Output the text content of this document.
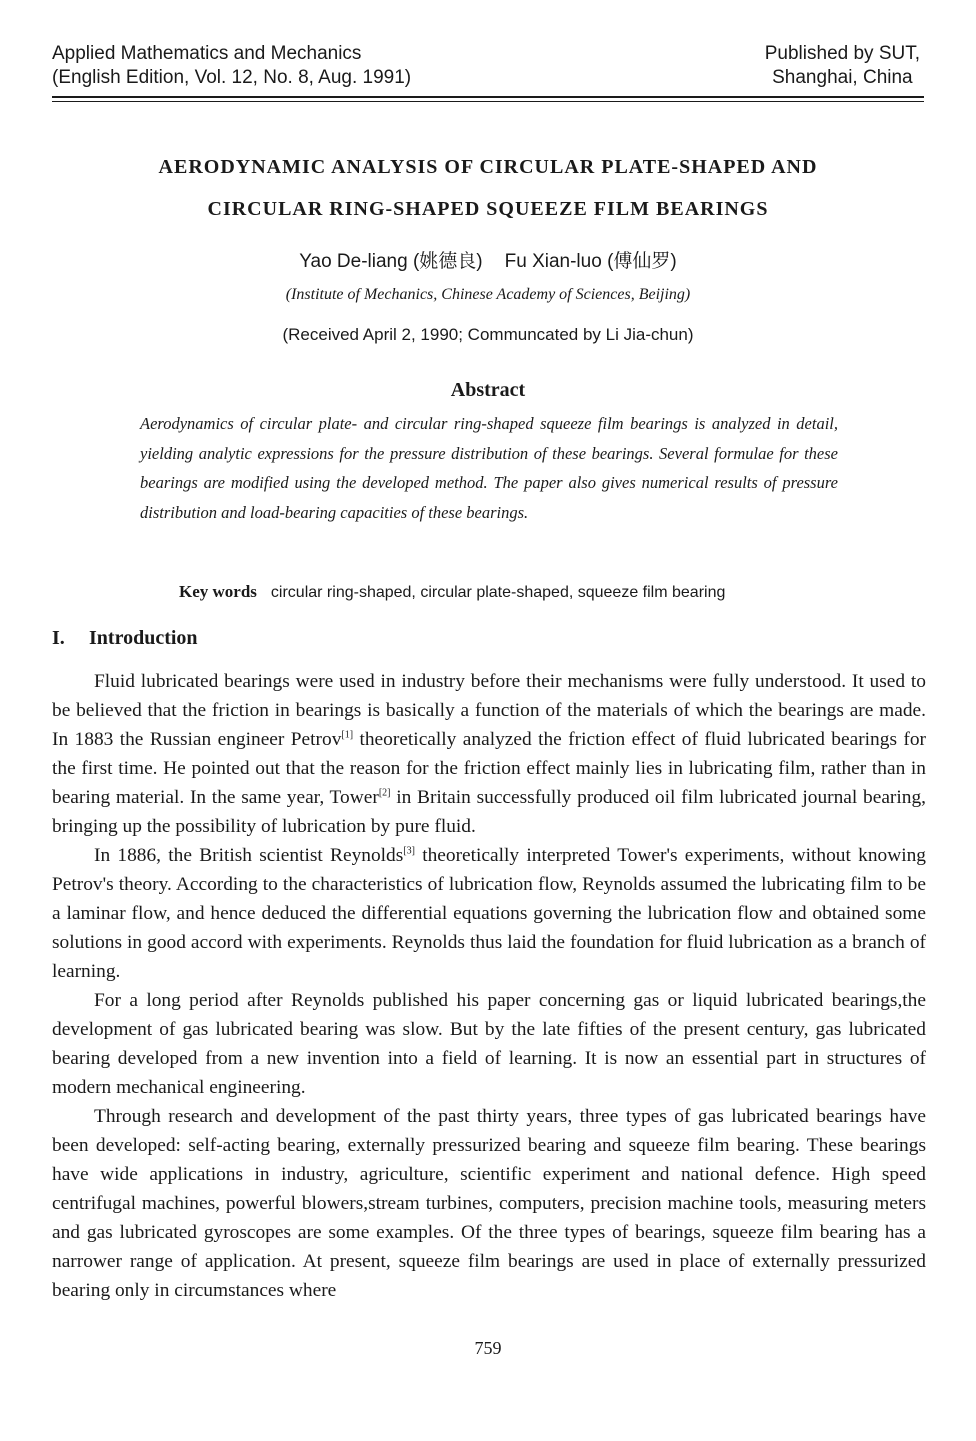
Applied Mathematics and Mechanics
(English Edition, Vol. 12, No. 8, Aug. 1991)
Published by SUT,
Shanghai, China
AERODYNAMIC ANALYSIS OF CIRCULAR PLATE-SHAPED AND
CIRCULAR RING-SHAPED SQUEEZE FILM BEARINGS
Yao De-liang (姚德良) Fu Xian-luo (傅仙罗)
(Institute of Mechanics, Chinese Academy of Sciences, Beijing)
(Received April 2, 1990; Communcated by Li Jia-chun)
Abstract
Aerodynamics of circular plate- and circular ring-shaped squeeze film bearings is analyzed in detail, yielding analytic expressions for the pressure distribution of these bearings. Several formulae for these bearings are modified using the developed method. The paper also gives numerical results of pressure distribution and load-bearing capacities of these bearings.
Key words circular ring-shaped, circular plate-shaped, squeeze film bearing
I. Introduction

Fluid lubricated bearings were used in industry before their mechanisms were fully understood. It used to be believed that the friction in bearings is basically a function of the materials of which the bearings are made. In 1883 the Russian engineer Petrov[1] theoretically analyzed the friction effect of fluid lubricated bearings for the first time. He pointed out that the reason for the friction effect mainly lies in lubricating film, rather than in bearing material. In the same year, Tower[2] in Britain successfully produced oil film lubricated journal bearing, bringing up the possibility of lubrication by pure fluid.

In 1886, the British scientist Reynolds[3] theoretically interpreted Tower's experiments, without knowing Petrov's theory. According to the characteristics of lubrication flow, Reynolds assumed the lubricating film to be a laminar flow, and hence deduced the differential equations governing the lubrication flow and obtained some solutions in good accord with experiments. Reynolds thus laid the foundation for fluid lubrication as a branch of learning.

For a long period after Reynolds published his paper concerning gas or liquid lubricated bearings,the development of gas lubricated bearing was slow. But by the late fifties of the present century, gas lubricated bearing developed from a new invention into a field of learning. It is now an essential part in structures of modern mechanical engineering.

Through research and development of the past thirty years, three types of gas lubricated bearings have been developed: self-acting bearing, externally pressurized bearing and squeeze film bearing. These bearings have wide applications in industry, agriculture, scientific experiment and national defence. High speed centrifugal machines, powerful blowers,stream turbines, computers, precision machine tools, measuring meters and gas lubricated gyroscopes are some examples. Of the three types of bearings, squeeze film bearing has a narrower range of application. At present, squeeze film bearings are used in place of externally pressurized bearing only in circumstances where

759
